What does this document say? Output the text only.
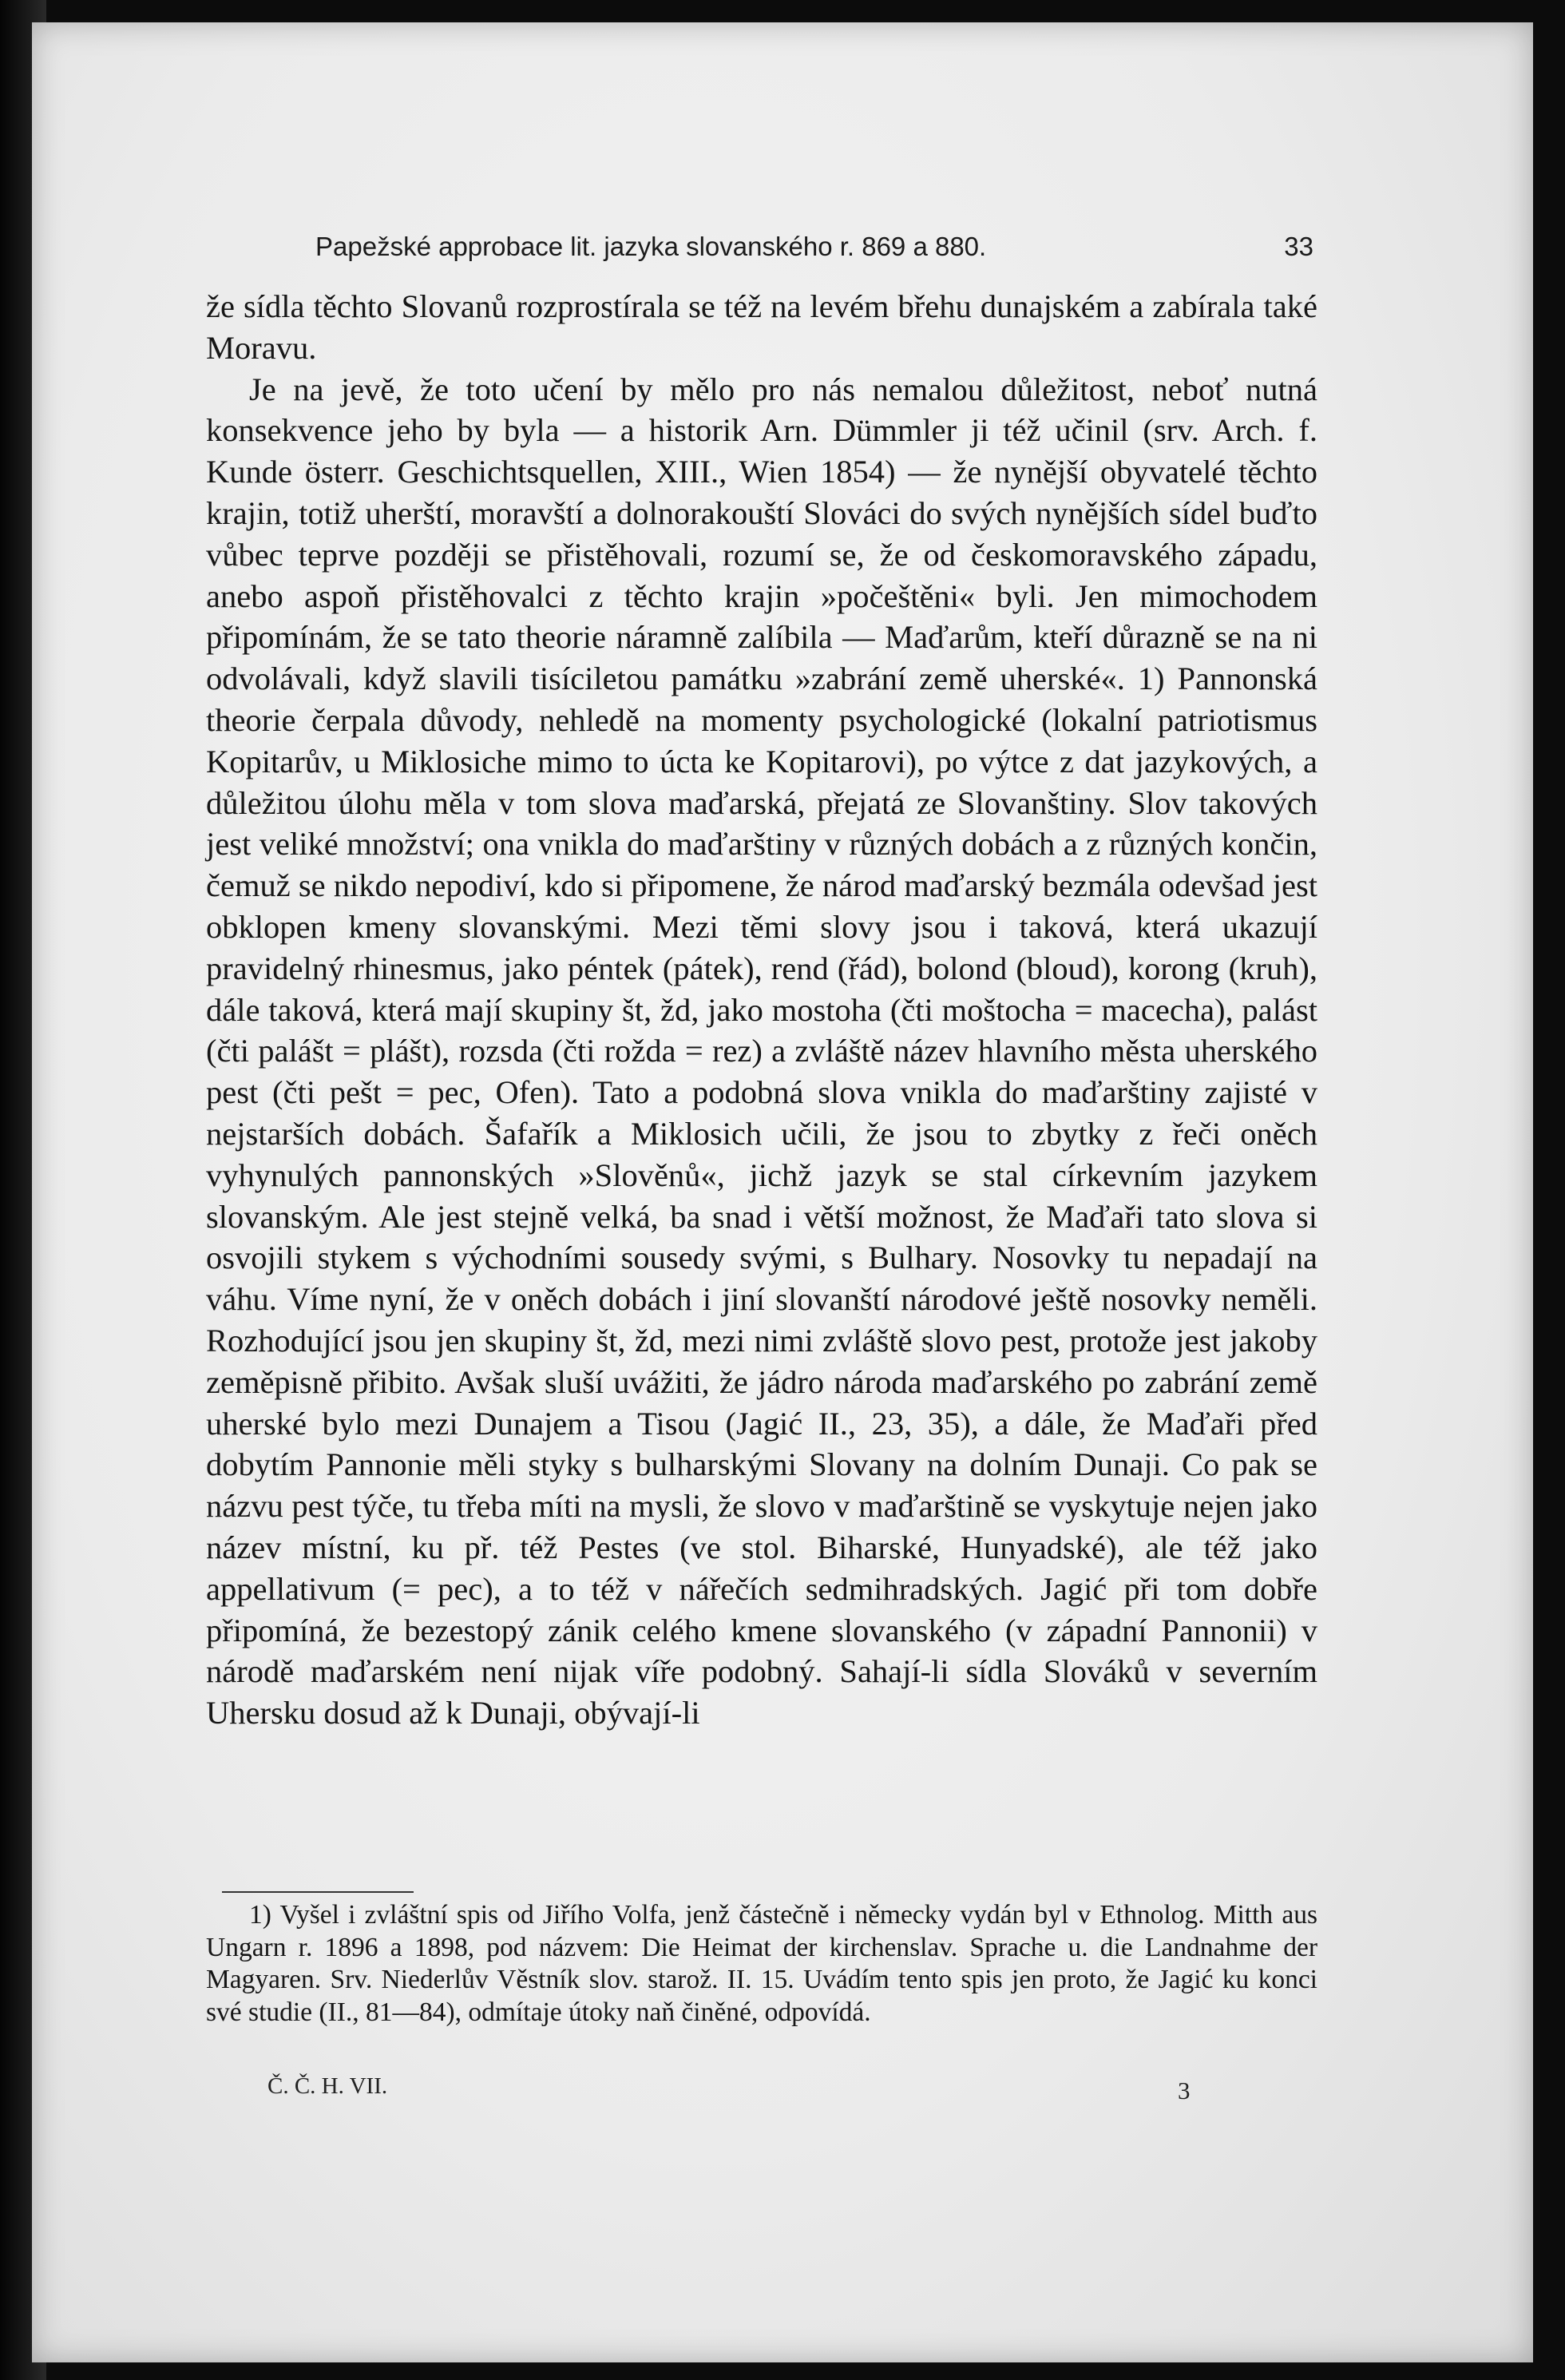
Papežské approbace lit. jazyka slovanského r. 869 a 880.	33

že sídla těchto Slovanů rozprostírala se též na levém břehu dunajském a zabírala také Moravu.

Je na jevě, že toto učení by mělo pro nás nemalou důležitost, neboť nutná konsekvence jeho by byla — a historik Arn. Dümmler ji též učinil (srv. Arch. f. Kunde österr. Geschichtsquellen, XIII., Wien 1854) — že nynější obyvatelé těchto krajin, totiž uherští, moravští a dolnorakouští Slováci do svých nynějších sídel buďto vůbec teprve později se přistěhovali, rozumí se, že od českomoravského západu, anebo aspoň přistěhovalci z těchto krajin »počeštěni« byli. Jen mimochodem připomínám, že se tato theorie náramně zalíbila — Maďarům, kteří důrazně se na ni odvolávali, když slavili tisíciletou památku »zabrání země uherské«. 1) Pannonská theorie čerpala důvody, nehledě na momenty psychologické (lokalní patriotismus Kopitarův, u Miklosiche mimo to úcta ke Kopitarovi), po výtce z dat jazykových, a důležitou úlohu měla v tom slova maďarská, přejatá ze Slovanštiny. Slov takových jest veliké množství; ona vnikla do maďarštiny v různých dobách a z různých končin, čemuž se nikdo nepodiví, kdo si připomene, že národ maďarský bezmála odevšad jest obklopen kmeny slovanskými. Mezi těmi slovy jsou i taková, která ukazují pravidelný rhinesmus, jako péntek (pátek), rend (řád), bolond (bloud), korong (kruh), dále taková, která mají skupiny št, žd, jako mostoha (čti moštocha = macecha), palást (čti palášt = plášt), rozsda (čti rožda = rez) a zvláště název hlavního města uherského pest (čti pešt = pec, Ofen). Tato a podobná slova vnikla do maďarštiny zajisté v nejstarších dobách. Šafařík a Miklosich učili, že jsou to zbytky z řeči oněch vyhynulých pannonských »Slověnů«, jichž jazyk se stal církevním jazykem slovanským. Ale jest stejně velká, ba snad i větší možnost, že Maďaři tato slova si osvojili stykem s východními sousedy svými, s Bulhary. Nosovky tu nepadají na váhu. Víme nyní, že v oněch dobách i jiní slovanští národové ještě nosovky neměli. Rozhodující jsou jen skupiny št, žd, mezi nimi zvláště slovo pest, protože jest jakoby zeměpisně přibito. Avšak sluší uvážiti, že jádro národa maďarského po zabrání země uherské bylo mezi Dunajem a Tisou (Jagić II., 23, 35), a dále, že Maďaři před dobytím Pannonie měli styky s bulharskými Slovany na dolním Dunaji. Co pak se názvu pest týče, tu třeba míti na mysli, že slovo v maďarštině se vyskytuje nejen jako název místní, ku př. též Pestes (ve stol. Biharské, Hunyadské), ale též jako appellativum (= pec), a to též v nářečích sedmihradských. Jagić při tom dobře připomíná, že bezestopý zánik celého kmene slovanského (v západní Pannonii) v národě maďarském není nijak víře podobný. Sahají-li sídla Slováků v severním Uhersku dosud až k Dunaji, obývají-li

1) Vyšel i zvláštní spis od Jiřího Volfa, jenž částečně i německy vydán byl v Ethnolog. Mitth aus Ungarn r. 1896 a 1898, pod názvem: Die Heimat der kirchenslav. Sprache u. die Landnahme der Magyaren. Srv. Niederlův Věstník slov. starož. II. 15. Uvádím tento spis jen proto, že Jagić ku konci své studie (II., 81—84), odmítaje útoky naň činěné, odpovídá.
Č. Č. H. VII.	3
